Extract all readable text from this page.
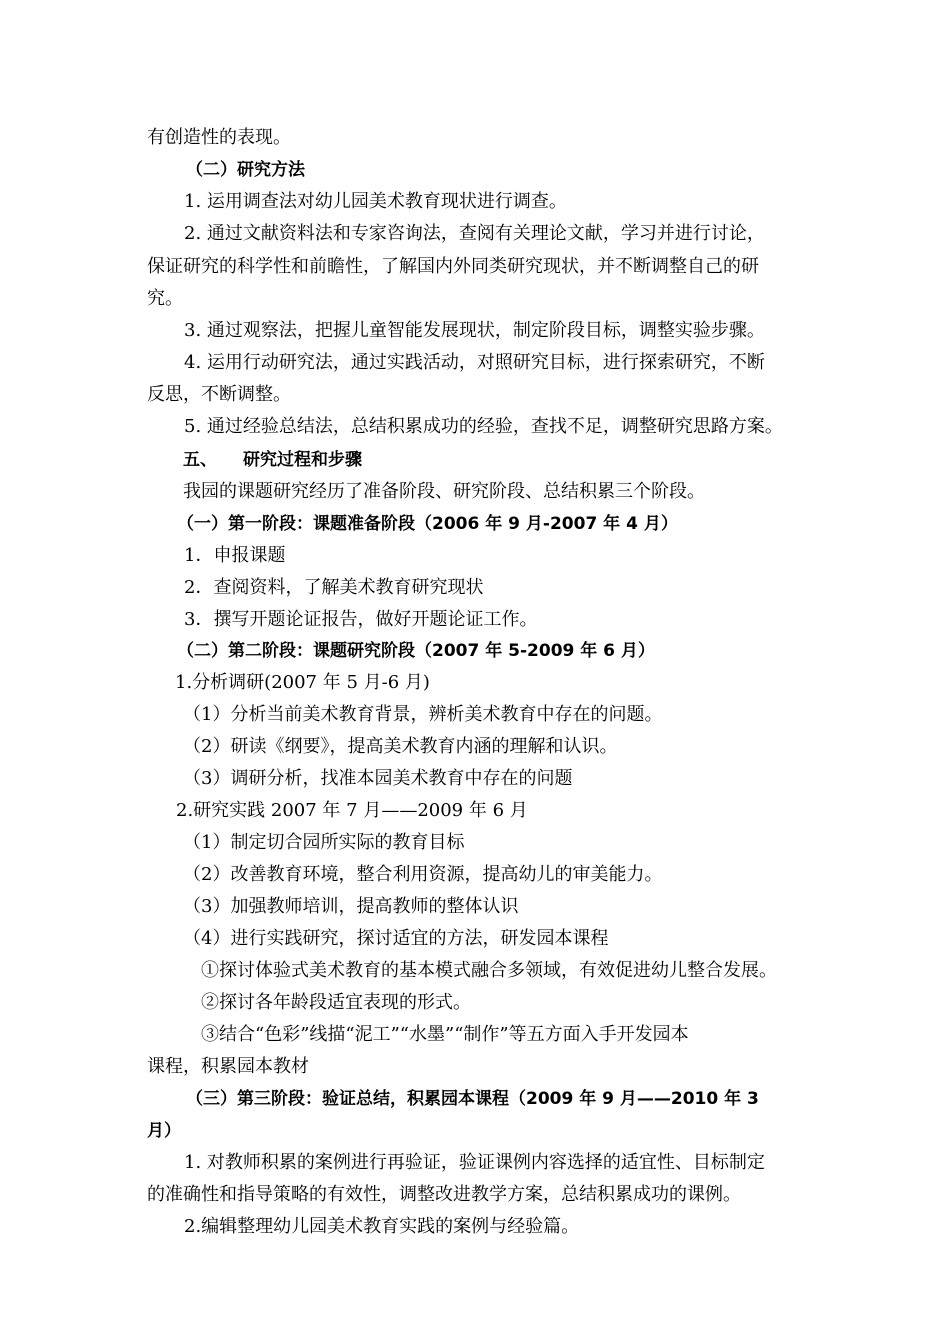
有创造性的表现。
（二）研究方法
1. 运用调查法对幼儿园美术教育现状进行调查。
2. 通过文献资料法和专家咨询法，查阅有关理论文献，学习并进行讨论，
保证研究的科学性和前瞻性，了解国内外同类研究现状，并不断调整自己的研
究。
3. 通过观察法，把握儿童智能发展现状，制定阶段目标，调整实验步骤。
4. 运用行动研究法，通过实践活动，对照研究目标，进行探索研究，不断
反思，不断调整。
5. 通过经验总结法，总结积累成功的经验，查找不足，调整研究思路方案。
五、 研究过程和步骤
我园的课题研究经历了准备阶段、研究阶段、总结积累三个阶段。
（一）第一阶段：课题准备阶段（2006 年 9 月-2007 年 4 月）
1．申报课题
2．查阅资料，了解美术教育研究现状
3．撰写开题论证报告，做好开题论证工作。
（二）第二阶段：课题研究阶段（2007 年 5-2009 年 6 月）
1.分析调研(2007 年 5 月-6 月)
（1）分析当前美术教育背景，辨析美术教育中存在的问题。
（2）研读《纲要》，提高美术教育内涵的理解和认识。
（3）调研分析，找准本园美术教育中存在的问题
2.研究实践 2007 年 7 月——2009 年 6 月
（1）制定切合园所实际的教育目标
（2）改善教育环境，整合利用资源，提高幼儿的审美能力。
（3）加强教师培训，提高教师的整体认识
（4）进行实践研究，探讨适宜的方法，研发园本课程
①探讨体验式美术教育的基本模式融合多领域，有效促进幼儿整合发展。
②探讨各年龄段适宜表现的形式。
③结合“色彩”线描“泥工”“水墨”“制作”等五方面入手开发园本
课程，积累园本教材
（三）第三阶段：验证总结，积累园本课程（2009 年 9 月——2010 年 3
月）
1. 对教师积累的案例进行再验证，验证课例内容选择的适宜性、目标制定
的准确性和指导策略的有效性，调整改进教学方案，总结积累成功的课例。
2.编辑整理幼儿园美术教育实践的案例与经验篇。
